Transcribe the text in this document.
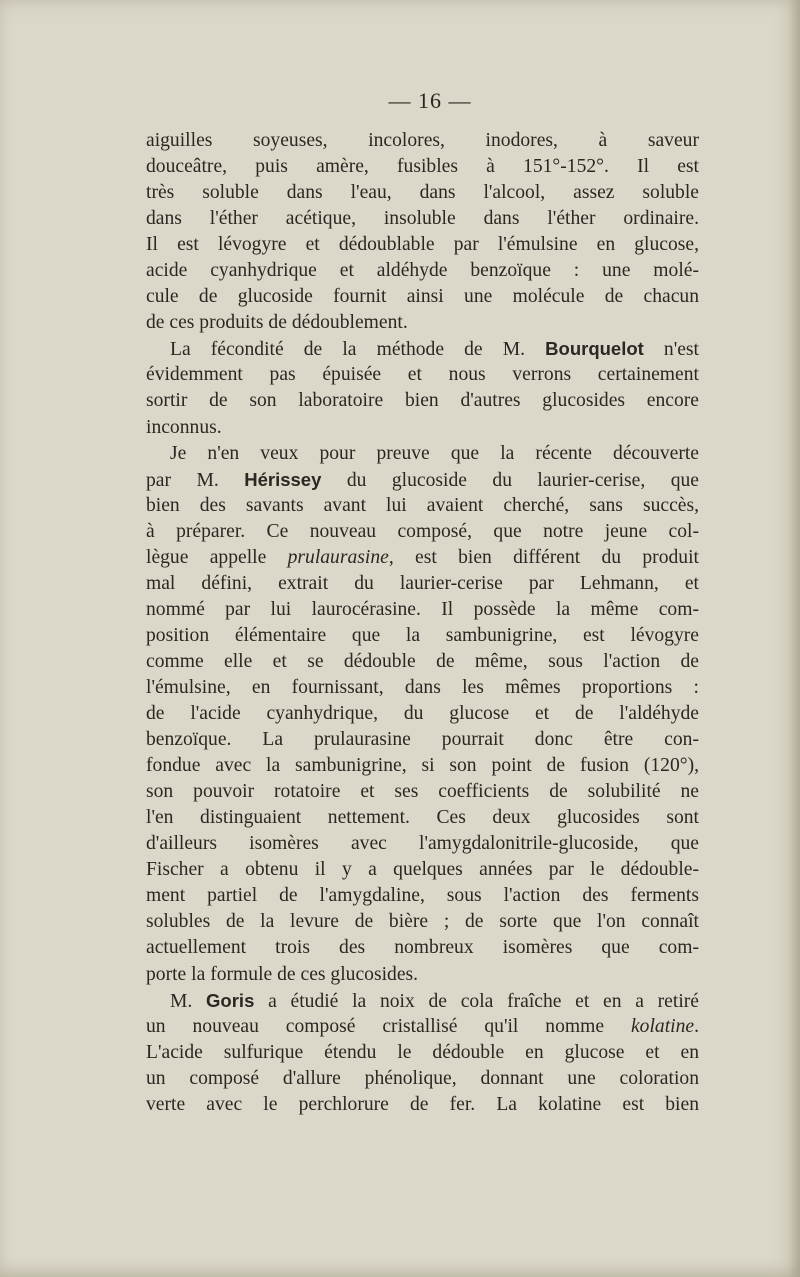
— 16 —
aiguilles soyeuses, incolores, inodores, à saveur
douceâtre, puis amère, fusibles à 151°-152°. Il est
très soluble dans l'eau, dans l'alcool, assez soluble
dans l'éther acétique, insoluble dans l'éther ordinaire.
Il est lévogyre et dédoublable par l'émulsine en glucose,
acide cyanhydrique et aldéhyde benzoïque : une molé-
cule de glucoside fournit ainsi une molécule de chacun
de ces produits de dédoublement.
La fécondité de la méthode de M. Bourquelot n'est
évidemment pas épuisée et nous verrons certainement
sortir de son laboratoire bien d'autres glucosides encore
inconnus.
Je n'en veux pour preuve que la récente découverte
par M. Hérissey du glucoside du laurier-cerise, que
bien des savants avant lui avaient cherché, sans succès,
à préparer. Ce nouveau composé, que notre jeune col-
lègue appelle prulaurasine, est bien différent du produit
mal défini, extrait du laurier-cerise par Lehmann, et
nommé par lui laurocérasine. Il possède la même com-
position élémentaire que la sambunigrine, est lévogyre
comme elle et se dédouble de même, sous l'action de
l'émulsine, en fournissant, dans les mêmes proportions :
de l'acide cyanhydrique, du glucose et de l'aldéhyde
benzoïque. La prulaurasine pourrait donc être con-
fondue avec la sambunigrine, si son point de fusion (120°),
son pouvoir rotatoire et ses coefficients de solubilité ne
l'en distinguaient nettement. Ces deux glucosides sont
d'ailleurs isomères avec l'amygdalonitrile-glucoside, que
Fischer a obtenu il y a quelques années par le dédouble-
ment partiel de l'amygdaline, sous l'action des ferments
solubles de la levure de bière ; de sorte que l'on connaît
actuellement trois des nombreux isomères que com-
porte la formule de ces glucosides.
M. Goris a étudié la noix de cola fraîche et en a retiré
un nouveau composé cristallisé qu'il nomme kolatine.
L'acide sulfurique étendu le dédouble en glucose et en
un composé d'allure phénolique, donnant une coloration
verte avec le perchlorure de fer. La kolatine est bien
